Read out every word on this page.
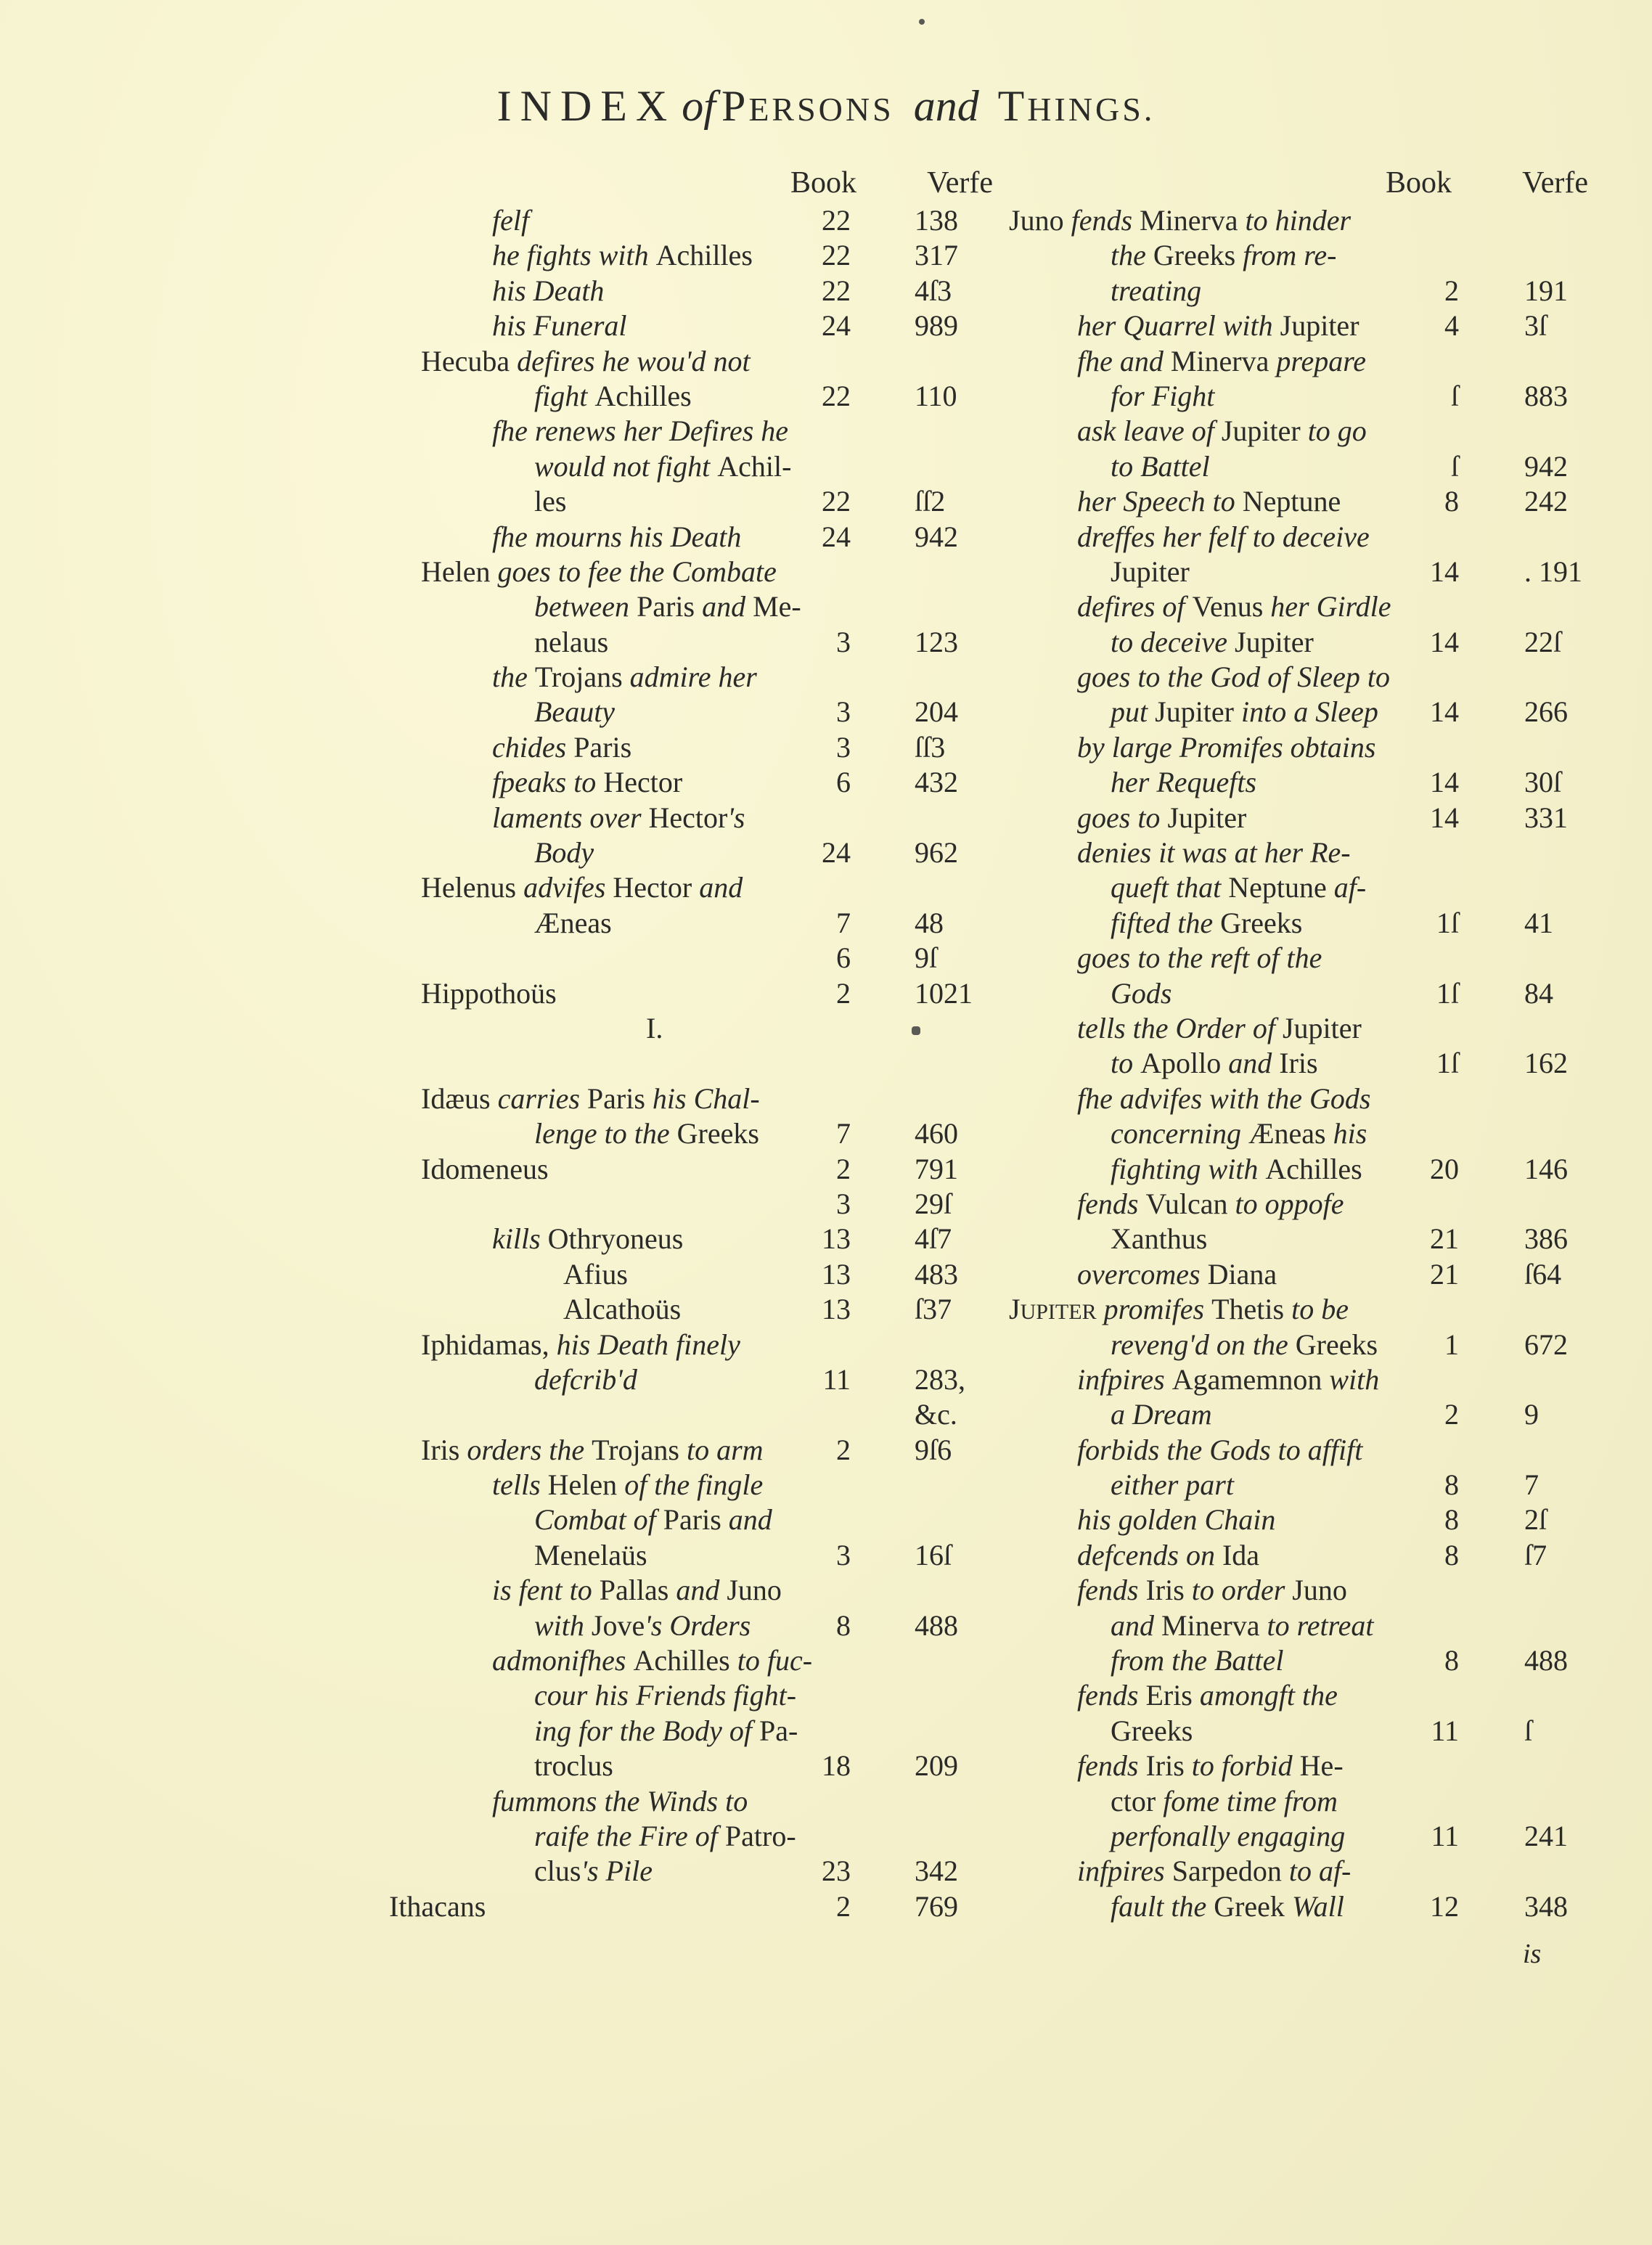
INDEX of PERSONS and THINGS.
Book Verfe
felf	22 138
he fights with Achilles 22 317
his Death	22 4ſ3
his Funeral	24 989
Hecuba defires he wou'd not
fight Achilles	22 110
fhe renews her Defires he
would not fight Achil-
les	22 ſſ2
fhe mourns his Death	24 942
Helen goes to fee the Combate
between Paris and Me-
nelaus	3 123
the Trojans admire her
Beauty	3 204
chides Paris	3 ſſ3
fpeaks to Hector	6 432
laments over Hector's
Body	24 962
Helenus advifes Hector and
Æneas	7 48
6 9ſ
Hippothoüs	2 1021
I.
Idæus carries Paris his Chal-
lenge to the Greeks	7 460
Idomeneus	2 791
3 29ſ
kills Othryoneus	13 4ſ7
Afius	13 483
Alcathoüs	13 ſ37
Iphidamas, his Death finely
defcrib'd	11 283,
&c.
Iris orders the Trojans to arm	2 9ſ6
tells Helen of the fingle
Combat of Paris and
Menelaüs	3 16ſ
is fent to Pallas and Juno
with Jove's Orders	8 488
admonifhes Achilles to fuc-
cour his Friends fight-
ing for the Body of Pa-
troclus	18 209
fummons the Winds to
raife the Fire of Patro-
clus's Pile	23 342
Ithacans	2 769
Book Verfe
Juno fends Minerva to hinder
the Greeks from re-
treating	2 191
her Quarrel with Jupiter	4 3ſ
fhe and Minerva prepare
for Fight	ſ 883
ask leave of Jupiter to go
to Battel	ſ 942
her Speech to Neptune	8 242
dreffes her felf to deceive
Jupiter	14 . 191
defires of Venus her Girdle
to deceive Jupiter	14 22ſ
goes to the God of Sleep to
put Jupiter into a Sleep 14 266
by large Promifes obtains
her Requefts	14 30ſ
goes to Jupiter	14 331
denies it was at her Re-
queft that Neptune af-
fifted the Greeks	1ſ 41
goes to the reft of the
Gods	1ſ 84
tells the Order of Jupiter
to Apollo and Iris	1ſ 162
fhe advifes with the Gods
concerning Æneas his
fighting with Achilles 20 146
fends Vulcan to oppofe
Xanthus	21 386
overcomes Diana	21 ſ64
JUPITER promifes Thetis to be
reveng'd on the Greeks 1 672
infpires Agamemnon with
a Dream	2 9
forbids the Gods to affift
either part	8 7
his golden Chain	8 2ſ
defcends on Ida	8 ſ7
fends Iris to order Juno
and Minerva to retreat
from the Battel	8 488
fends Eris amongft the
Greeks	11 ſ
fends Iris to forbid He-
ctor fome time from
perfonally engaging	11 241
infpires Sarpedon to af-
fault the Greek Wall	12 348
is
